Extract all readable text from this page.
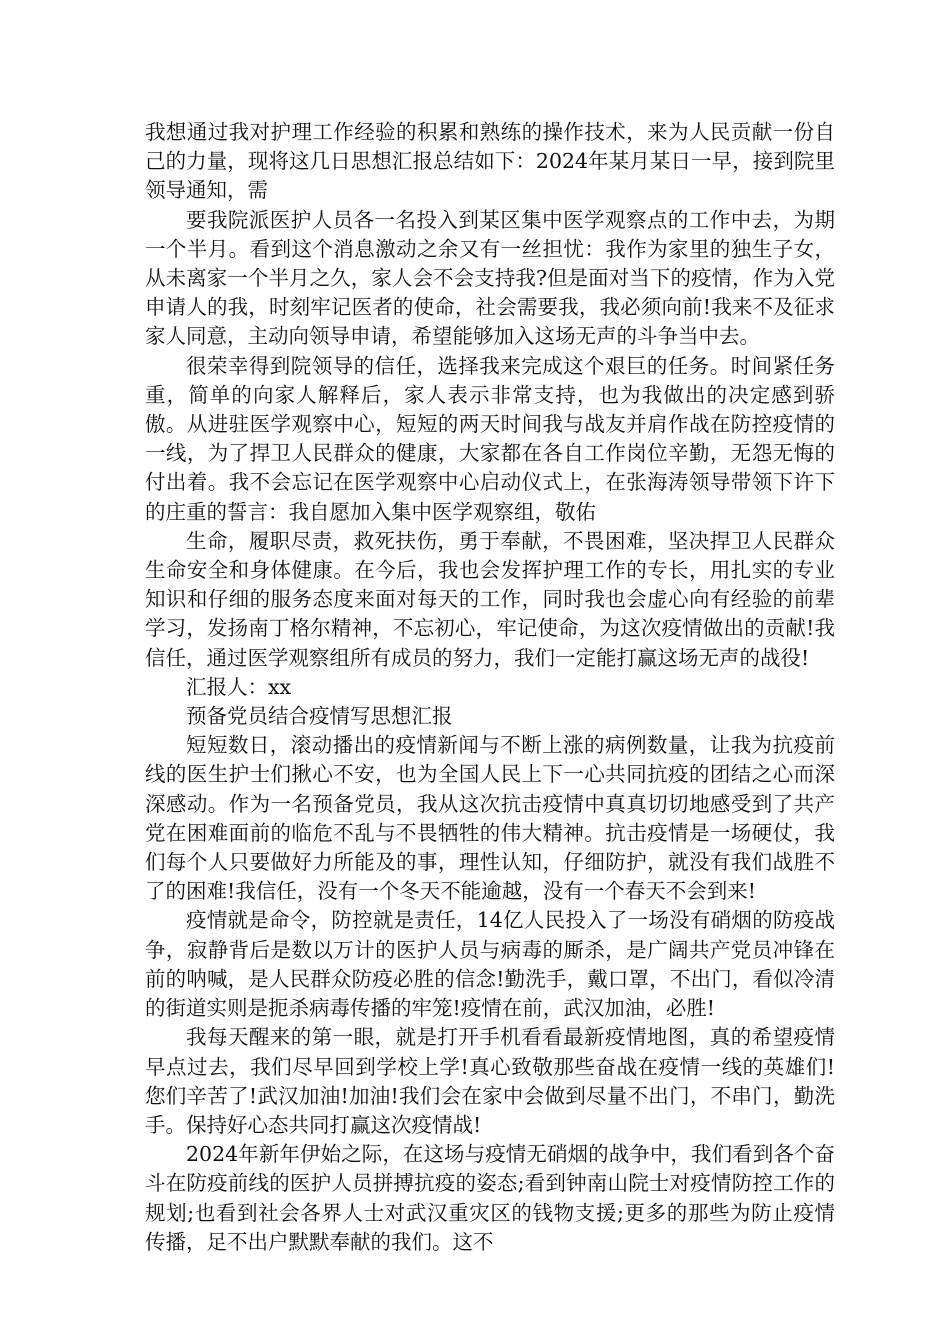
我想通过我对护理工作经验的积累和熟练的操作技术，来为人民贡献一份自己的力量，现将这几日思想汇报总结如下：2024年某月某日一早，接到院里领导通知，需

要我院派医护人员各一名投入到某区集中医学观察点的工作中去，为期一个半月。看到这个消息激动之余又有一丝担忧：我作为家里的独生子女，从未离家一个半月之久，家人会不会支持我?但是面对当下的疫情，作为入党申请人的我，时刻牢记医者的使命，社会需要我，我必须向前!我来不及征求家人同意，主动向领导申请，希望能够加入这场无声的斗争当中去。

很荣幸得到院领导的信任，选择我来完成这个艰巨的任务。时间紧任务重，简单的向家人解释后，家人表示非常支持，也为我做出的决定感到骄傲。从进驻医学观察中心，短短的两天时间我与战友并肩作战在防控疫情的一线，为了捍卫人民群众的健康，大家都在各自工作岗位辛勤，无怨无悔的付出着。我不会忘记在医学观察中心启动仪式上，在张海涛领导带领下许下的庄重的誓言：我自愿加入集中医学观察组，敬佑

生命，履职尽责，救死扶伤，勇于奉献，不畏困难，坚决捍卫人民群众生命安全和身体健康。在今后，我也会发挥护理工作的专长，用扎实的专业知识和仔细的服务态度来面对每天的工作，同时我也会虚心向有经验的前辈学习，发扬南丁格尔精神，不忘初心，牢记使命，为这次疫情做出的贡献!我信任，通过医学观察组所有成员的努力，我们一定能打赢这场无声的战役!

汇报人：xx

预备党员结合疫情写思想汇报

短短数日，滚动播出的疫情新闻与不断上涨的病例数量，让我为抗疫前线的医生护士们揪心不安，也为全国人民上下一心共同抗疫的团结之心而深深感动。作为一名预备党员，我从这次抗击疫情中真真切切地感受到了共产党在困难面前的临危不乱与不畏牺牲的伟大精神。抗击疫情是一场硬仗，我们每个人只要做好力所能及的事，理性认知，仔细防护，就没有我们战胜不了的困难!我信任，没有一个冬天不能逾越，没有一个春天不会到来!

疫情就是命令，防控就是责任，14亿人民投入了一场没有硝烟的防疫战争，寂静背后是数以万计的医护人员与病毒的厮杀，是广阔共产党员冲锋在前的呐喊，是人民群众防疫必胜的信念!勤洗手，戴口罩，不出门，看似冷清的街道实则是扼杀病毒传播的牢笼!疫情在前，武汉加油，必胜!

我每天醒来的第一眼，就是打开手机看看最新疫情地图，真的希望疫情早点过去，我们尽早回到学校上学!真心致敬那些奋战在疫情一线的英雄们!您们辛苦了!武汉加油!加油!我们会在家中会做到尽量不出门，不串门，勤洗手。保持好心态共同打赢这次疫情战!

2024年新年伊始之际，在这场与疫情无硝烟的战争中，我们看到各个奋斗在防疫前线的医护人员拼搏抗疫的姿态;看到钟南山院士对疫情防控工作的规划;也看到社会各界人士对武汉重灾区的钱物支援;更多的那些为防止疫情传播，足不出户默默奉献的我们。这不
